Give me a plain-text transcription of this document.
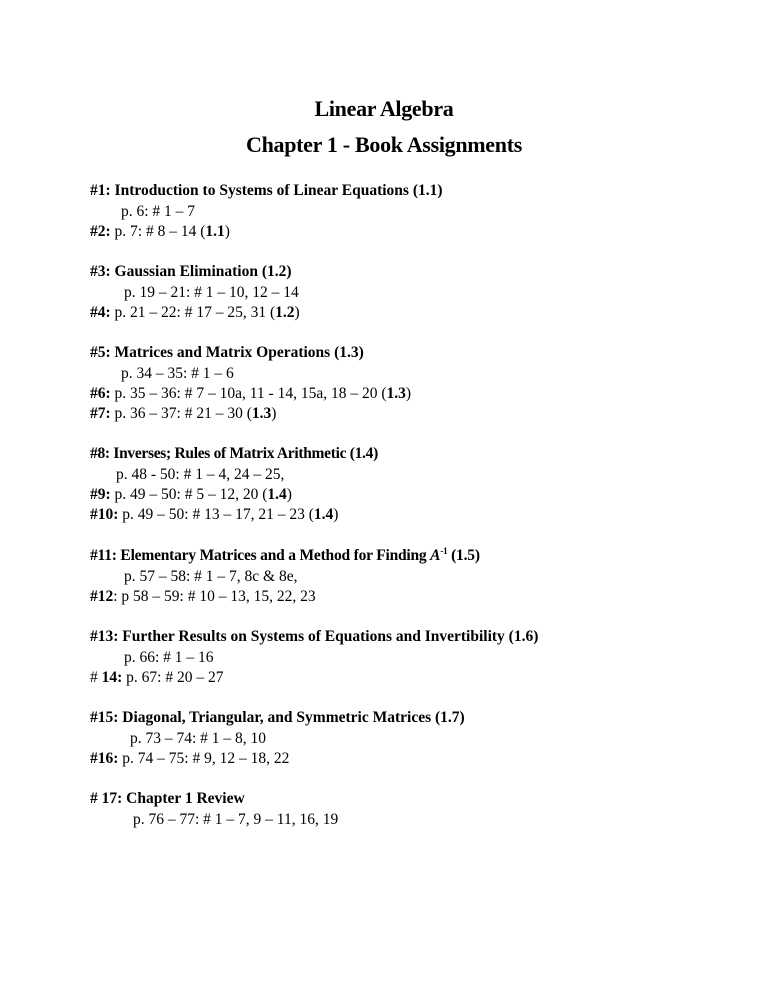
Linear Algebra
Chapter 1 - Book Assignments
#1: Introduction to Systems of Linear Equations (1.1)
p. 6: # 1 – 7
#2: p. 7: # 8 – 14 (1.1)
#3: Gaussian Elimination (1.2)
p. 19 – 21: # 1 – 10, 12 – 14
#4: p. 21 – 22: # 17 – 25, 31 (1.2)
#5: Matrices and Matrix Operations (1.3)
p. 34 – 35: # 1 – 6
#6: p. 35 – 36: # 7 – 10a, 11 - 14, 15a, 18 – 20 (1.3)
#7: p. 36 – 37: # 21 – 30 (1.3)
#8: Inverses; Rules of Matrix Arithmetic (1.4)
p. 48 - 50: # 1 – 4, 24 – 25,
#9: p. 49 – 50: # 5 – 12, 20 (1.4)
#10: p. 49 – 50: # 13 – 17, 21 – 23 (1.4)
#11: Elementary Matrices and a Method for Finding $A^{-1}$ (1.5)
p. 57 – 58: # 1 – 7, 8c & 8e,
#12: p 58 – 59: # 10 – 13, 15, 22, 23
#13: Further Results on Systems of Equations and Invertibility (1.6)
p. 66: # 1 – 16
# 14: p. 67: # 20 – 27
#15: Diagonal, Triangular, and Symmetric Matrices (1.7)
p. 73 – 74: # 1 – 8, 10
#16: p. 74 – 75: # 9, 12 – 18, 22
# 17: Chapter 1 Review
p. 76 – 77: # 1 – 7, 9 – 11, 16, 19
